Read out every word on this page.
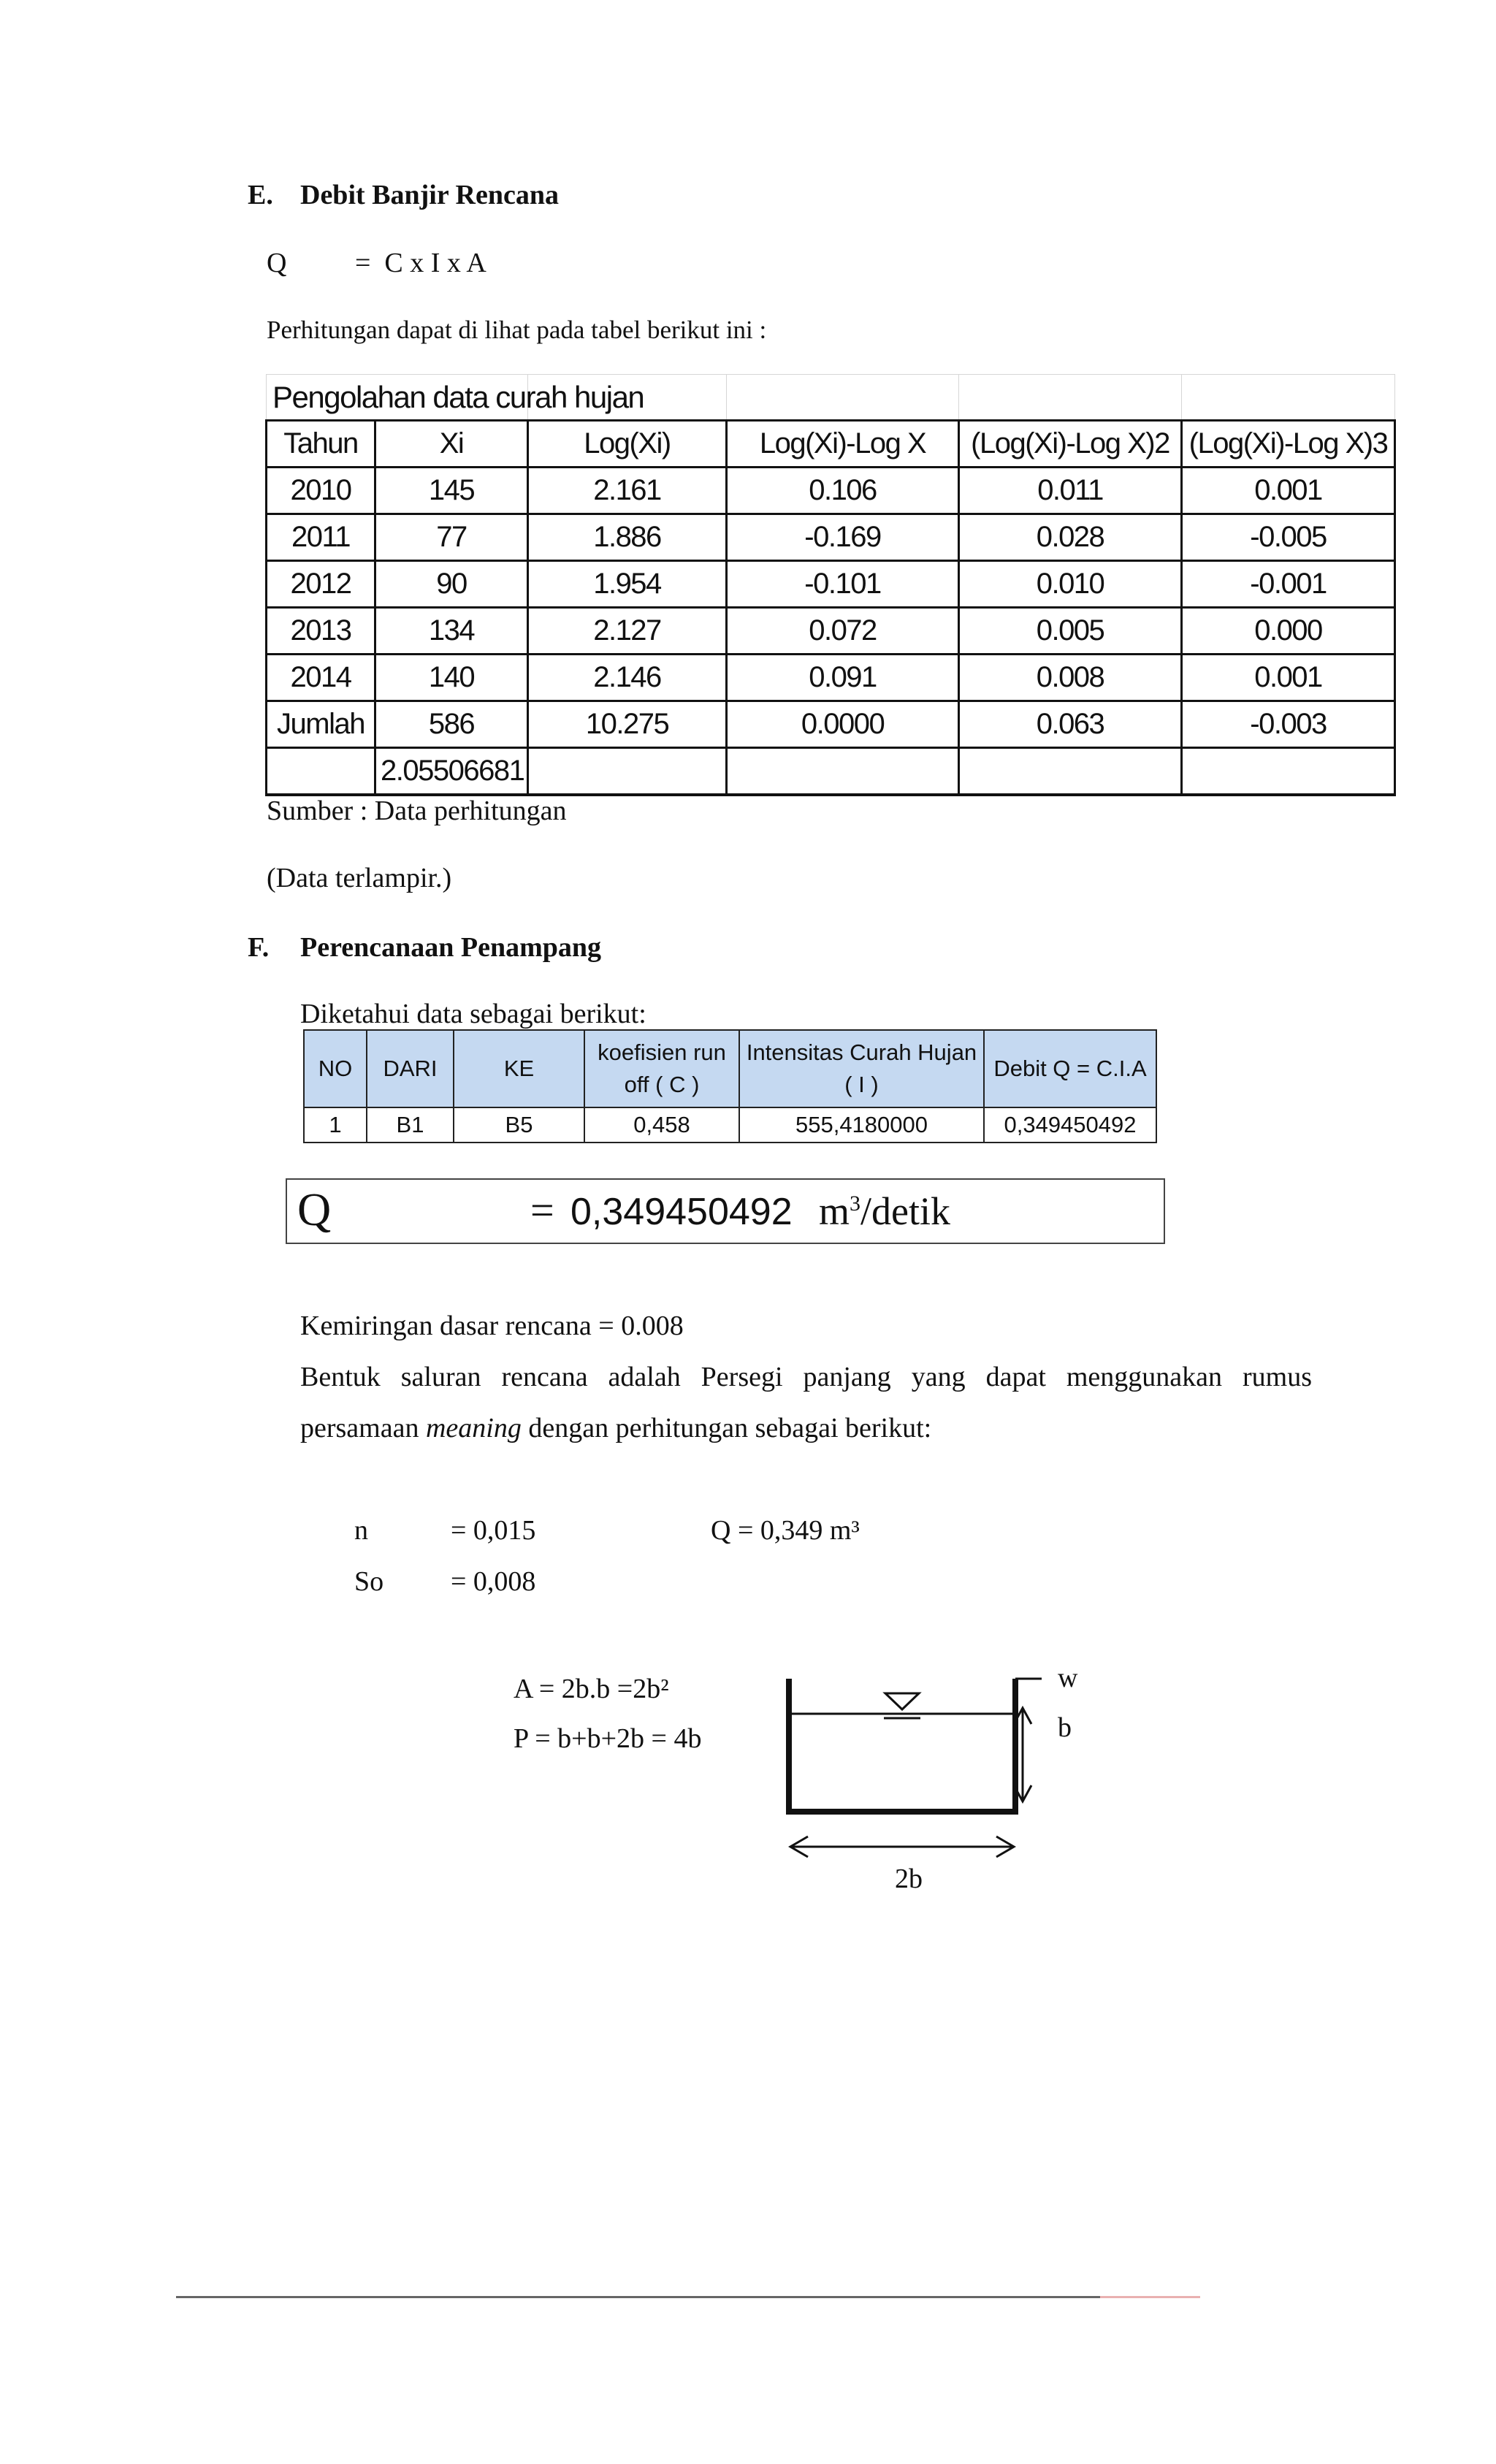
E. Debit Banjir Rencana
Q =  C x I x A
Perhitungan dapat di lihat pada tabel berikut ini :
Pengolahan data curah hujan					
Tahun	Xi	Log(Xi)	Log(Xi)-Log X	(Log(Xi)-Log X)2	(Log(Xi)-Log X)3
2010	145	2.161	0.106	0.011	0.001
2011	77	1.886	-0.169	0.028	-0.005
2012	90	1.954	-0.101	0.010	-0.001
2013	134	2.127	0.072	0.005	0.000
2014	140	2.146	0.091	0.008	0.001
Jumlah	586	10.275	0.0000	0.063	-0.003
	2.05506681				
Sumber : Data perhitungan
(Data terlampir.)
F. Perencanaan Penampang
Diketahui data sebagai berikut:
NO	DARI	KE	koefisien run off ( C )	Intensitas Curah Hujan ( I )	Debit Q = C.I.A
1	B1	B5	0,458	555,4180000	0,349450492
Q	= 0,349450492 $m^3$/detik
Kemiringan dasar rencana = 0.008
Bentuk saluran rencana adalah Persegi panjang yang dapat menggunakan rumus
persamaan meaning dengan perhitungan sebagai berikut:
n	= 0,015	Q = 0,349 m³
So = 0,008
A = 2b.b =2b²
P = b+b+2b = 4b
w
b
2b
